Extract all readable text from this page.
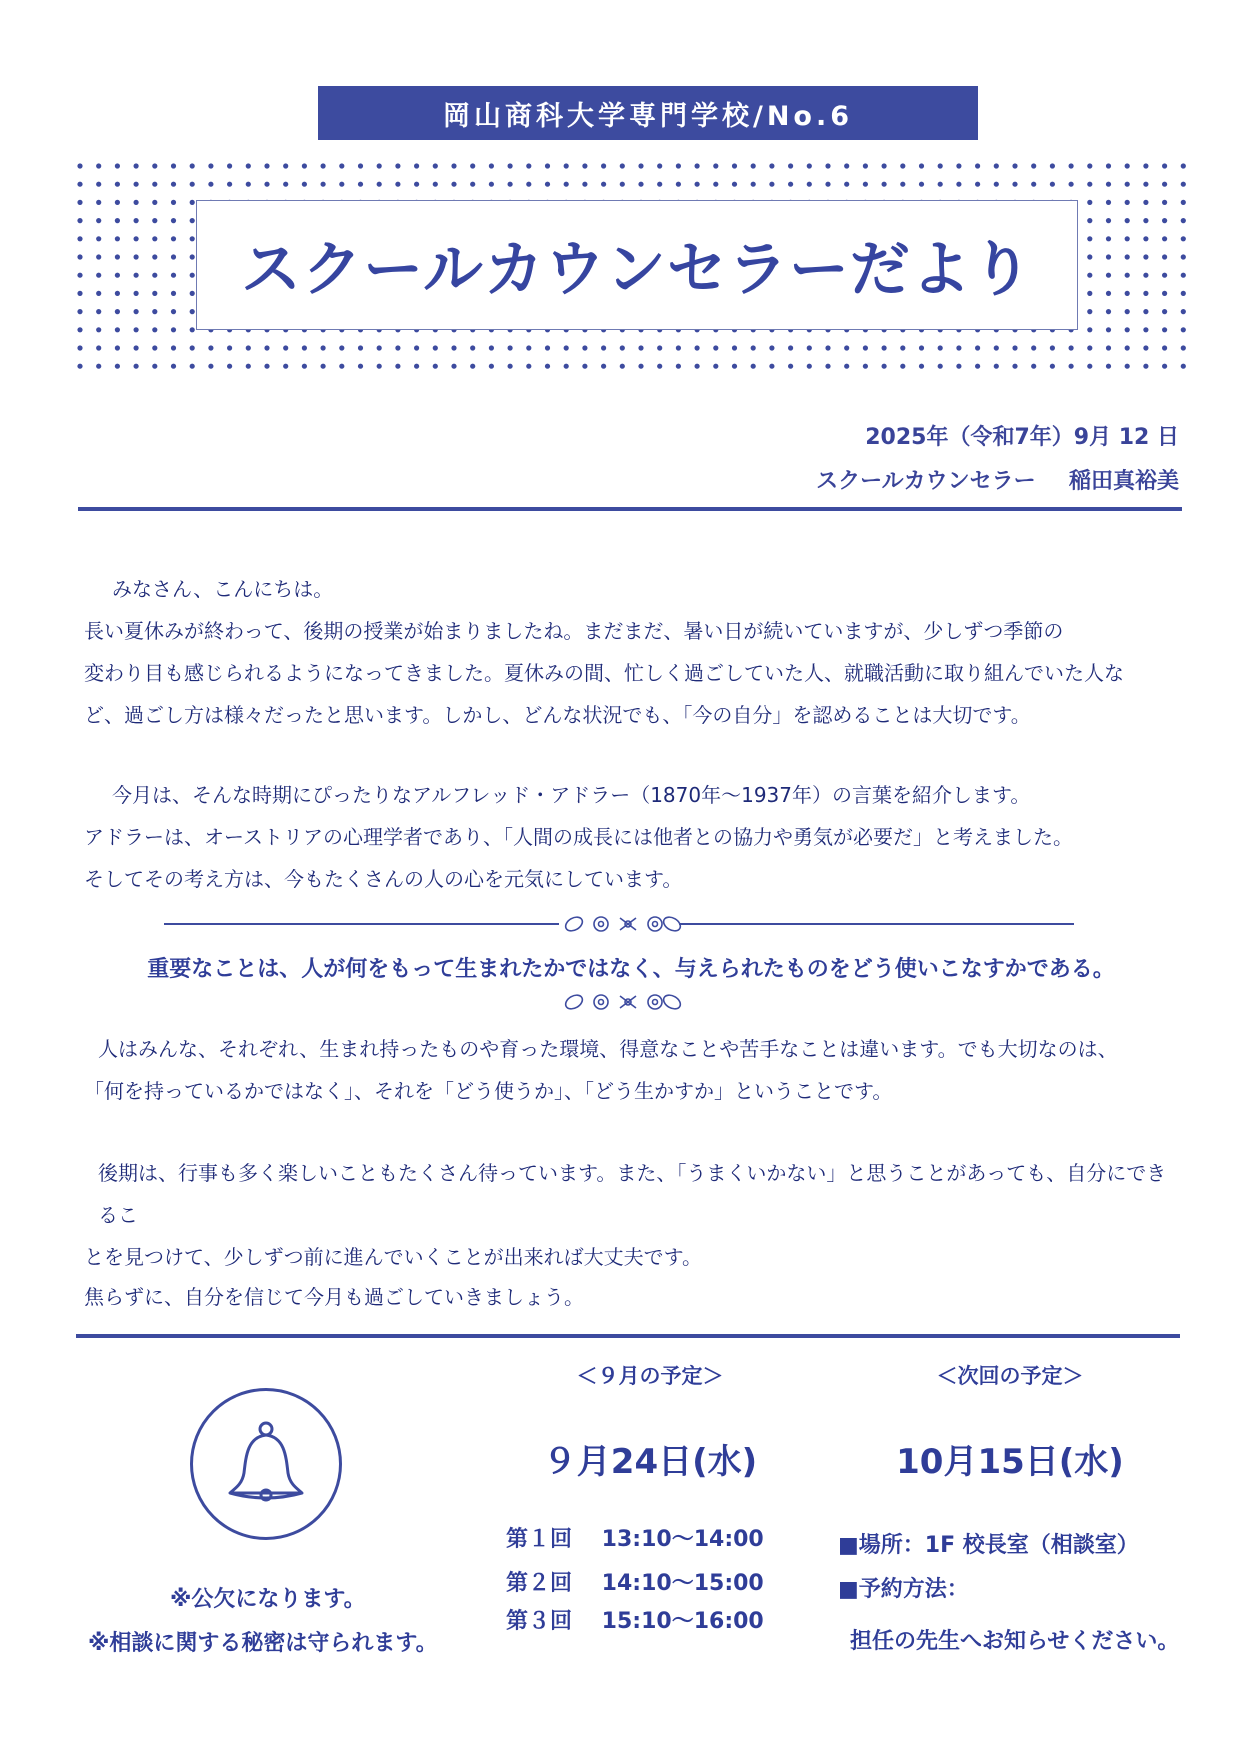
岡山商科大学専門学校/No.6
スクールカウンセラーだより
2025年（令和7年）9月 12 日
スクールカウンセラー 稲田真裕美
みなさん、こんにちは。
長い夏休みが終わって、後期の授業が始まりましたね。まだまだ、暑い日が続いていますが、少しずつ季節の
変わり目も感じられるようになってきました。夏休みの間、忙しく過ごしていた人、就職活動に取り組んでいた人な
ど、過ごし方は様々だったと思います。しかし、どんな状況でも、「今の自分」を認めることは大切です。
今月は、そんな時期にぴったりなアルフレッド・アドラー（1870年～1937年）の言葉を紹介します。
アドラーは、オーストリアの心理学者であり、「人間の成長には他者との協力や勇気が必要だ」と考えました。
そしてその考え方は、今もたくさんの人の心を元気にしています。
重要なことは、人が何をもって生まれたかではなく、与えられたものをどう使いこなすかである。
人はみんな、それぞれ、生まれ持ったものや育った環境、得意なことや苦手なことは違います。でも大切なのは、
「何を持っているかではなく」、それを「どう使うか」、「どう生かすか」ということです。
後期は、行事も多く楽しいこともたくさん待っています。また、「うまくいかない」と思うことがあっても、自分にできるこ
とを見つけて、少しずつ前に進んでいくことが出来れば大丈夫です。
焦らずに、自分を信じて今月も過ごしていきましょう。
※公欠になります。
※相談に関する秘密は守られます。
＜９月の予定＞
９月24日(水)
第１回 13:10～14:00
第２回 14:10～15:00
第３回 15:10～16:00
＜次回の予定＞
10月15日(水)
■場所：1F 校長室（相談室）
■予約方法：
担任の先生へお知らせください。
